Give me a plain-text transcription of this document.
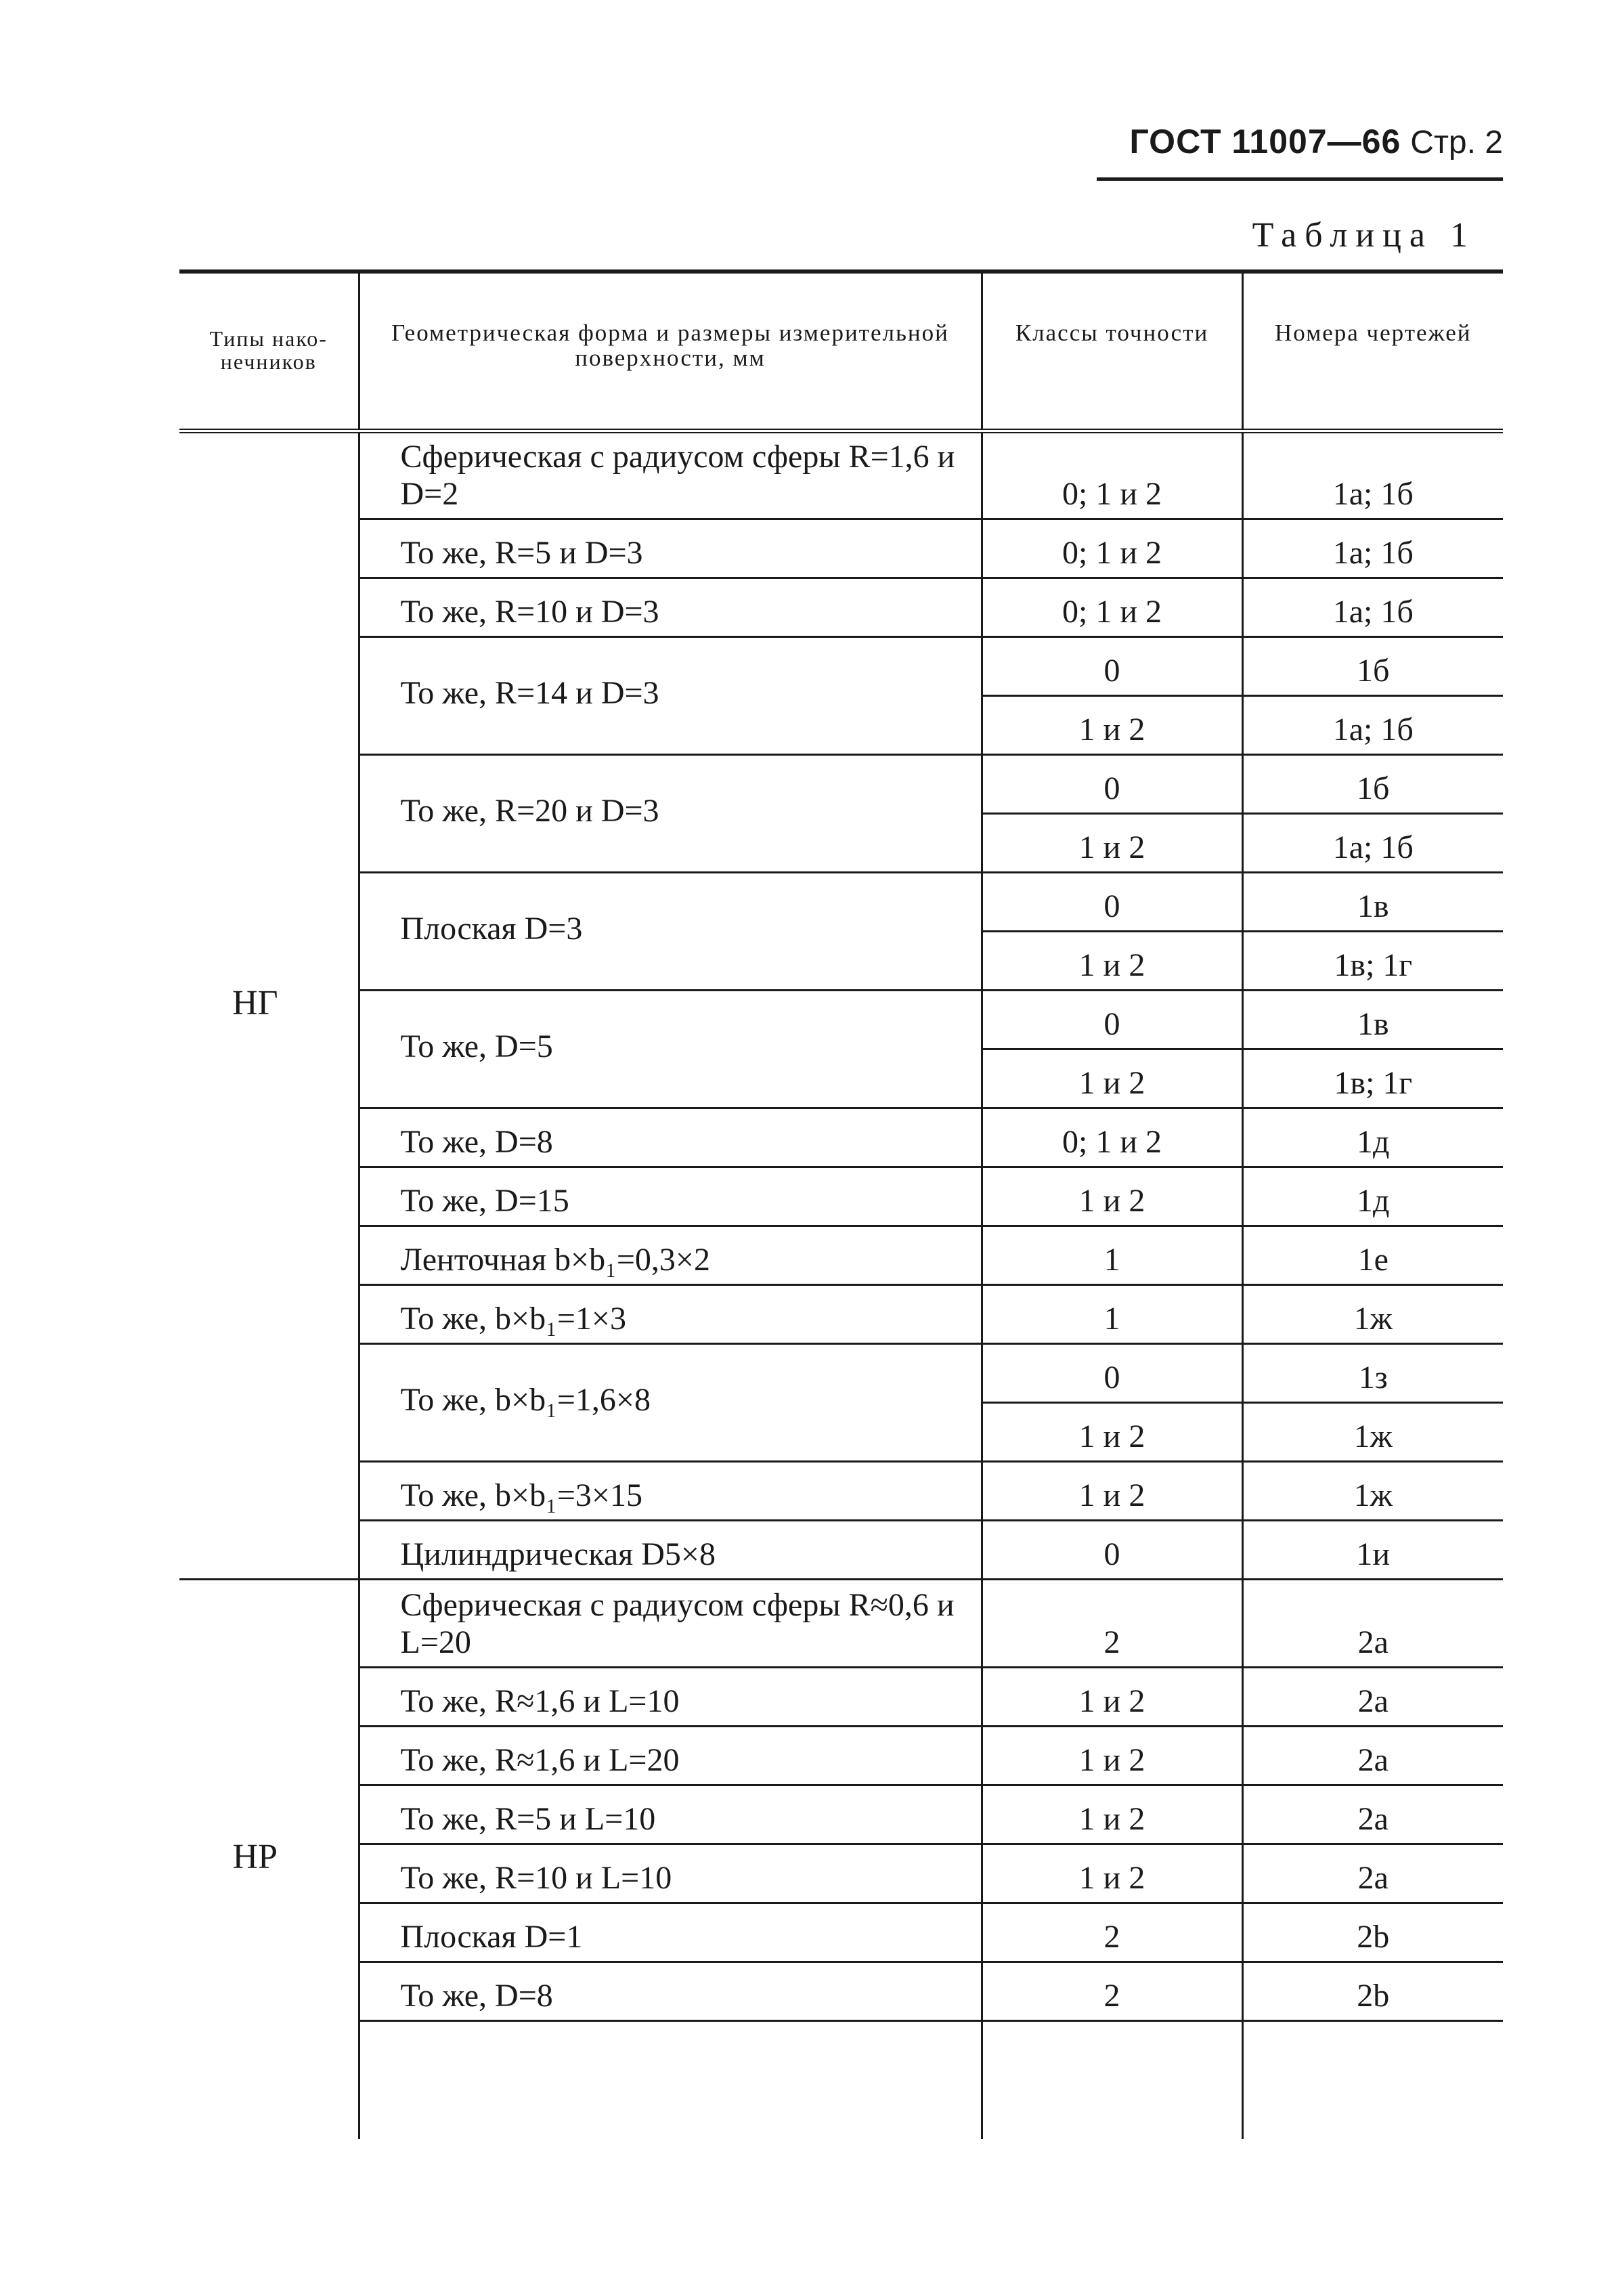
ГОСТ 11007—66 Стр. 2
Таблица 1
Типы нако-нечников	Геометрическая форма и размеры измерительной поверхности, мм	Классы точности	Номера чертежей
НГ	Сферическая с радиусом сферы R=1,6 и D=2	0; 1 и 2	1а; 1б
	То же, R=5 и D=3	0; 1 и 2	1а; 1б
	То же, R=10 и D=3	0; 1 и 2	1а; 1б
	То же, R=14 и D=3	0	1б
		1 и 2	1а; 1б
	То же, R=20 и D=3	0	1б
		1 и 2	1а; 1б
	Плоская D=3	0	1в
		1 и 2	1в; 1г
	То же, D=5	0	1в
		1 и 2	1в; 1г
	То же, D=8	0; 1 и 2	1д
	То же, D=15	1 и 2	1д
	Ленточная b×b₁=0,3×2	1	1е
	То же, b×b₁=1×3	1	1ж
	То же, b×b₁=1,6×8	0	1з
		1 и 2	1ж
	То же, b×b₁=3×15	1 и 2	1ж
	Цилиндрическая D5×8	0	1и
НР	Сферическая с радиусом сферы R≈0,6 и L=20	2	2а
	То же, R≈1,6 и L=10	1 и 2	2а
	То же, R≈1,6 и L=20	1 и 2	2а
	То же, R=5 и L=10	1 и 2	2а
	То же, R=10 и L=10	1 и 2	2а
	Плоская D=1	2	2b
	То же, D=8	2	2b
